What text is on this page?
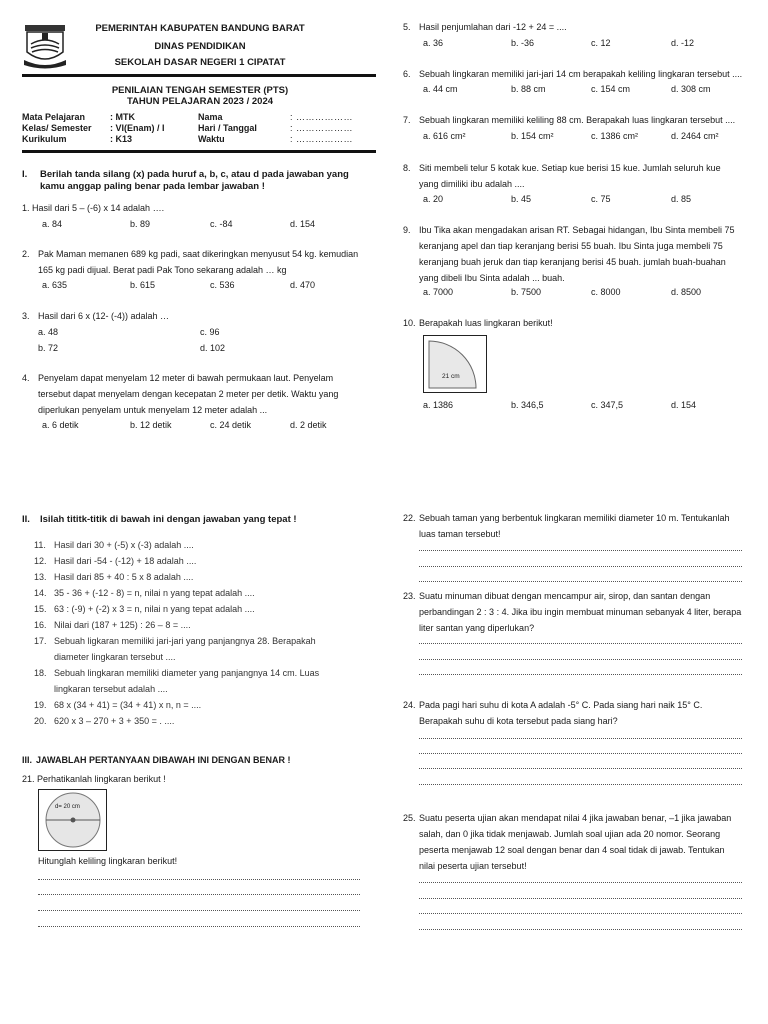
PEMERINTAH KABUPATEN BANDUNG BARAT
DINAS PENDIDIKAN
SEKOLAH DASAR NEGERI 1 CIPATAT
PENILAIAN TENGAH SEMESTER (PTS)
TAHUN PELAJARAN 2023 / 2024
Mata Pelajaran	: MTK	Nama	: ………………
Kelas/ Semester	: VI(Enam) / I	Hari / Tanggal	: ………………
Kurikulum	: K13	Waktu	: ………………
I.	Berilah tanda silang (x) pada huruf a, b, c, atau d pada jawaban yang kamu anggap paling benar pada lembar jawaban !
1. Hasil dari 5 – (-6) x 14 adalah ….
a. 84	b. 89	c. -84	d. 154
2. Pak Maman memanen 689 kg padi, saat dikeringkan menyusut 54 kg. kemudian
165 kg padi dijual. Berat padi Pak Tono sekarang adalah … kg
a. 635	b. 615	c. 536	d. 470
3. Hasil dari 6 x (12- (-4)) adalah …
a. 48	c. 96
b. 72	d. 102
4. Penyelam dapat menyelam 12 meter di bawah permukaan laut. Penyelam
tersebut dapat menyelam dengan kecepatan 2 meter per detik. Waktu yang
diperlukan penyelam untuk menyelam 12 meter adalah ...
a. 6 detik	b. 12 detik	c. 24 detik	d. 2 detik
II.	Isilah tititk-titik di bawah ini dengan jawaban yang tepat !
11. Hasil dari 30 + (-5) x (-3) adalah ....
12. Hasil dari -54 - (-12) + 18 adalah ....
13. Hasil dari 85 + 40 : 5 x 8 adalah ....
14. 35 - 36 + (-12 - 8) = n, nilai n yang tepat adalah ....
15. 63 : (-9) + (-2) x 3 = n, nilai n yang tepat adalah ....
16. Nilai dari (187 + 125) : 26 – 8 = ....
17. Sebuah ligkaran memiliki jari-jari yang panjangnya 28. Berapakah
diameter lingkaran tersebut ....
18. Sebuah lingkaran memiliki diameter yang panjangnya 14 cm. Luas
lingkaran tersebut adalah ....
19. 68 x (34 + 41) = (34 + 41) x n, n = ....
20. 620 x 3 – 270 + 3 + 350 = . ....
III. JAWABLAH PERTANYAAN DIBAWAH INI DENGAN BENAR !
21. Perhatikanlah lingkaran berikut !
d= 20 cm
Hitunglah keliling lingkaran berikut!
5. Hasil penjumlahan dari -12 + 24 = ....
a. 36	b. -36	c. 12	d. -12
6. Sebuah lingkaran memiliki jari-jari 14 cm berapakah keliling lingkaran tersebut ....
a. 44 cm	b. 88 cm	c. 154 cm	d. 308 cm
7. Sebuah lingkaran memiliki keliling 88 cm. Berapakah luas lingkaran tersebut ....
a. 616 cm²	b. 154 cm²	c. 1386 cm²	d. 2464 cm²
8. Siti membeli telur 5 kotak kue. Setiap kue berisi 15 kue. Jumlah seluruh kue
yang dimiliki ibu adalah ....
a. 20	b. 45	c. 75	d. 85
9. Ibu Tika akan mengadakan arisan RT. Sebagai hidangan, Ibu Sinta membeli 75
keranjang apel dan tiap keranjang berisi 55 buah. Ibu Sinta juga membeli 75
keranjang buah jeruk dan tiap keranjang berisi 45 buah. jumlah buah-buahan
yang dibeli Ibu Sinta adalah ... buah.
a. 7000	b. 7500	c. 8000	d. 8500
10. Berapakah luas lingkaran berikut!
21 cm
a. 1386	b. 346,5	c. 347,5	d. 154
22. Sebuah taman yang berbentuk lingkaran memiliki diameter 10 m. Tentukanlah
luas taman tersebut!
23. Suatu minuman dibuat dengan mencampur air, sirop, dan santan dengan
perbandingan 2 : 3 : 4. Jika ibu ingin membuat minuman sebanyak 4 liter, berapa
liter santan yang diperlukan?
24. Pada pagi hari suhu di kota A adalah -5° C. Pada siang hari naik 15° C.
Berapakah suhu di kota tersebut pada siang hari?
25. Suatu peserta ujian akan mendapat nilai 4 jika jawaban benar, –1 jika jawaban
salah, dan 0 jika tidak menjawab. Jumlah soal ujian ada 20 nomor. Seorang
peserta menjawab 12 soal dengan benar dan 4 soal tidak di jawab. Tentukan
nilai peserta ujian tersebut!
